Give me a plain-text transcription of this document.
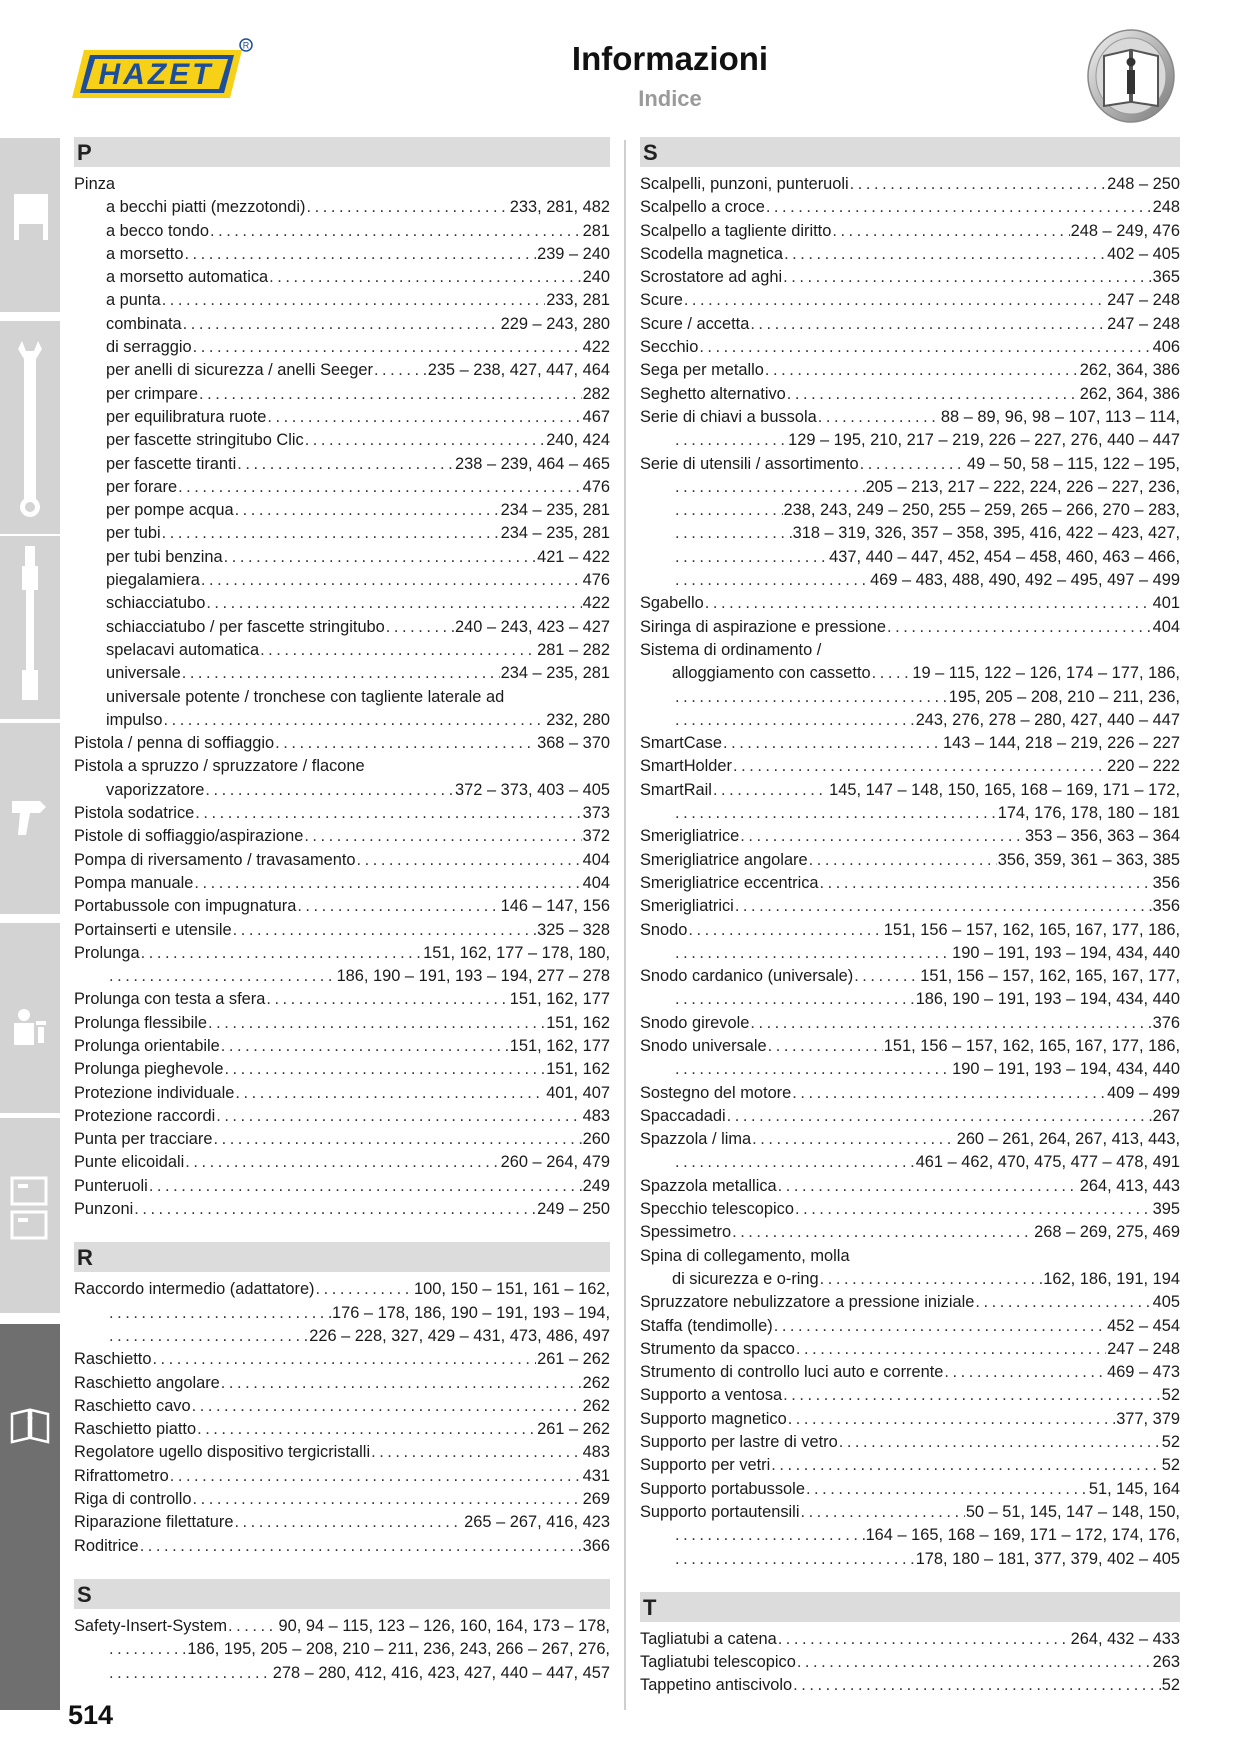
HAZET
R	Informazioni
Indice
P
Pinza
a becchi piatti (mezzotondi) . . .	233, 281, 482
a becco tondo . . .	281
a morsetto . . .	239 – 240
a morsetto automatica . . .	240
a punta . . .	233, 281
combinata . . .	229 – 243, 280
di serraggio . . .	422
per anelli di sicurezza / anelli Seeger . . .	235 – 238, 427, 447, 464
per crimpare . . .	282
per equilibratura ruote . . .	467
per fascette stringitubo Clic . . .	240, 424
per fascette tiranti . . .	238 – 239, 464 – 465
per forare . . .	476
per pompe acqua . . .	234 – 235, 281
per tubi . . .	234 – 235, 281
per tubi benzina . . .	421 – 422
piegalamiera . . .	476
schiacciatubo . . .	422
schiacciatubo / per fascette stringitubo . . .	240 – 243, 423 – 427
spelacavi automatica . . .	281 – 282
universale . . .	234 – 235, 281
universale potente / tronchese con tagliente laterale ad
impulso . . .	232, 280
Pistola / penna di soffiaggio . . .	368 – 370
Pistola a spruzzo / spruzzatore / flacone
vaporizzatore . . .	372 – 373, 403 – 405
Pistola sodatrice . . .	373
Pistole di soffiaggio/aspirazione . . .	372
Pompa di riversamento / travasamento . . .	404
Pompa manuale . . .	404
Portabussole con impugnatura . . .	146 – 147, 156
Portainserti e utensile . . .	325 – 328
Prolunga . . .	151, 162, 177 – 178, 180,
. . .
186, 190 – 191, 193 – 194, 277 – 278
Prolunga con testa a sfera . . .	151, 162, 177
Prolunga flessibile . . .	151, 162
Prolunga orientabile . . .	151, 162, 177
Prolunga pieghevole . . .	151, 162
Protezione individuale . . .	401, 407
Protezione raccordi . . .	483
Punta per tracciare . . .	260
Punte elicoidali . . .	260 – 264, 479
Punteruoli . . .	249
Punzoni . . .	249 – 250
R
Raccordo intermedio (adattatore) . . .	100, 150 – 151, 161 – 162,
. . .
176 – 178, 186, 190 – 191, 193 – 194,
. . .
226 – 228, 327, 429 – 431, 473, 486, 497
Raschietto . . .	261 – 262
Raschietto angolare . . .	262
Raschietto cavo . . .	262
Raschietto piatto . . .	261 – 262
Regolatore ugello dispositivo tergicristalli . . .	483
Rifrattometro . . .	431
Riga di controllo . . .	269
Riparazione filettature . . .	265 – 267, 416, 423
Roditrice . . .	366
S
Safety-Insert-System . . .	90, 94 – 115, 123 – 126, 160, 164, 173 – 178,
. . .
186, 195, 205 – 208, 210 – 211, 236, 243, 266 – 267, 276,
. . .
278 – 280, 412, 416, 423, 427, 440 – 447, 457
S
Scalpelli, punzoni, punteruoli . . .	248 – 250
Scalpello a croce . . .	248
Scalpello a tagliente diritto . . .	248 – 249, 476
Scodella magnetica . . .	402 – 405
Scrostatore ad aghi . . .	365
Scure . . .	247 – 248
Scure / accetta . . .	247 – 248
Secchio . . .	406
Sega per metallo . . .	262, 364, 386
Seghetto alternativo . . .	262, 364, 386
Serie di chiavi a bussola . . .	88 – 89, 96, 98 – 107, 113 – 114,
. . .
129 – 195, 210, 217 – 219, 226 – 227, 276, 440 – 447
Serie di utensili / assortimento . . .	49 – 50, 58 – 115, 122 – 195,
. . .
205 – 213, 217 – 222, 224, 226 – 227, 236,
. . .
238, 243, 249 – 250, 255 – 259, 265 – 266, 270 – 283,
. . .
318 – 319, 326, 357 – 358, 395, 416, 422 – 423, 427,
. . .
437, 440 – 447, 452, 454 – 458, 460, 463 – 466,
. . .
469 – 483, 488, 490, 492 – 495, 497 – 499
Sgabello . . .	401
Siringa di aspirazione e pressione . . .	404
Sistema di ordinamento /
alloggiamento con cassetto . . .	19 – 115, 122 – 126, 174 – 177, 186,
. . .
195, 205 – 208, 210 – 211, 236,
. . .
243, 276, 278 – 280, 427, 440 – 447
SmartCase . . .	143 – 144, 218 – 219, 226 – 227
SmartHolder . . .	220 – 222
SmartRail . . .	145, 147 – 148, 150, 165, 168 – 169, 171 – 172,
. . .
174, 176, 178, 180 – 181
Smerigliatrice . . .	353 – 356, 363 – 364
Smerigliatrice angolare . . .	356, 359, 361 – 363, 385
Smerigliatrice eccentrica . . .	356
Smerigliatrici . . .	356
Snodo . . .	151, 156 – 157, 162, 165, 167, 177, 186,
. . .
190 – 191, 193 – 194, 434, 440
Snodo cardanico (universale) . . .	151, 156 – 157, 162, 165, 167, 177,
. . .
186, 190 – 191, 193 – 194, 434, 440
Snodo girevole . . .	376
Snodo universale . . .	151, 156 – 157, 162, 165, 167, 177, 186,
. . .
190 – 191, 193 – 194, 434, 440
Sostegno del motore . . .	409 – 499
Spaccadadi . . .	267
Spazzola / lima . . .	260 – 261, 264, 267, 413, 443,
. . .
461 – 462, 470, 475, 477 – 478, 491
Spazzola metallica . . .	264, 413, 443
Specchio telescopico . . .	395
Spessimetro . . .	268 – 269, 275, 469
Spina di collegamento, molla
di sicurezza e o-ring . . .	162, 186, 191, 194
Spruzzatore nebulizzatore a pressione iniziale . . .	405
Staffa (tendimolle) . . .	452 – 454
Strumento da spacco . . .	247 – 248
Strumento di controllo luci auto e corrente . . .	469 – 473
Supporto a ventosa . . .	52
Supporto magnetico . . .	377, 379
Supporto per lastre di vetro . . .	52
Supporto per vetri . . .	52
Supporto portabussole . . .	51, 145, 164
Supporto portautensili . . .	50 – 51, 145, 147 – 148, 150,
. . .
164 – 165, 168 – 169, 171 – 172, 174, 176,
. . .
178, 180 – 181, 377, 379, 402 – 405
T
Tagliatubi a catena . . .	264, 432 – 433
Tagliatubi telescopico . . .	263
Tappetino antiscivolo . . .	52
514
